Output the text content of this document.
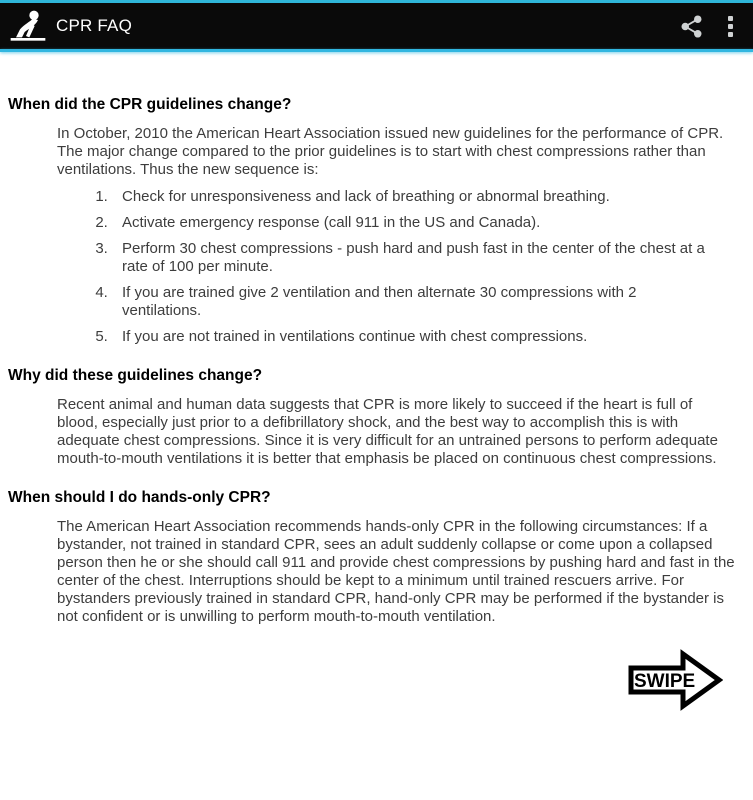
CPR FAQ
When did the CPR guidelines change?

In October, 2010 the American Heart Association issued new guidelines for the performance of CPR. The major change compared to the prior guidelines is to start with chest compressions rather than ventilations. Thus the new sequence is:

1. Check for unresponsiveness and lack of breathing or abnormal breathing.
2. Activate emergency response (call 911 in the US and Canada).
3. Perform 30 chest compressions - push hard and push fast in the center of the chest at a rate of 100 per minute.
4. If you are trained give 2 ventilation and then alternate 30 compressions with 2 ventilations.
5. If you are not trained in ventilations continue with chest compressions.
Why did these guidelines change?

Recent animal and human data suggests that CPR is more likely to succeed if the heart is full of blood, especially just prior to a defibrillatory shock, and the best way to accomplish this is with adequate chest compressions. Since it is very difficult for an untrained persons to perform adequate mouth-to-mouth ventilations it is better that emphasis be placed on continuous chest compressions.

When should I do hands-only CPR?

The American Heart Association recommends hands-only CPR in the following circumstances: If a bystander, not trained in standard CPR, sees an adult suddenly collapse or come upon a collapsed person then he or she should call 911 and provide chest compressions by pushing hard and fast in the center of the chest. Interruptions should be kept to a minimum until trained rescuers arrive. For bystanders previously trained in standard CPR, hand-only CPR may be performed if the bystander is not confident or is unwilling to perform mouth-to-mouth ventilation.

SWIPE
